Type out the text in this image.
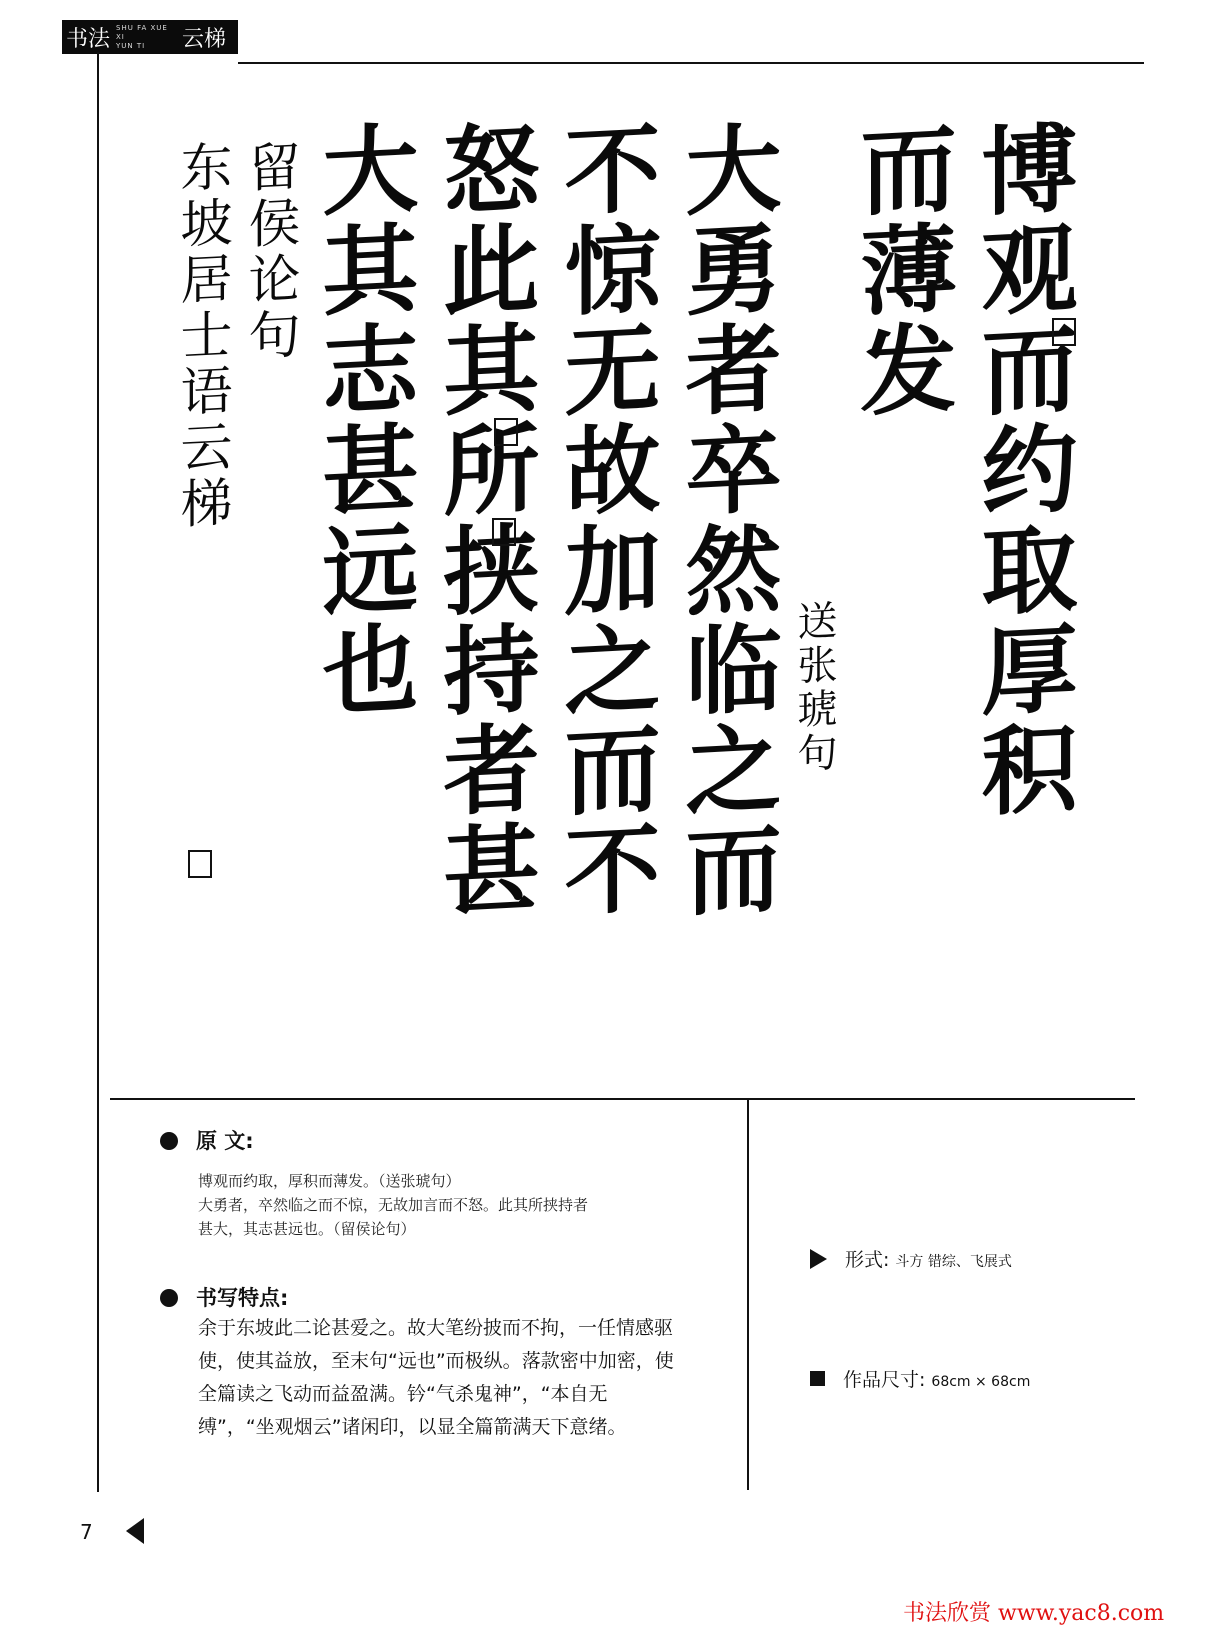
书法 SHU FA XUE XI
YUN TI	云梯
博观而约取厚积
而薄发
送张琥句
大勇者卒然临之而
不惊无故加之而不
怒此其所挟持者甚
大其志甚远也
留侯论句
东坡居士语云梯
原 文:
博观而约取，厚积而薄发。（送张琥句）
大勇者，卒然临之而不惊，无故加言而不怒。此其所挟持者
甚大，其志甚远也。（留侯论句）
书写特点:
余于东坡此二论甚爱之。故大笔纷披而不拘，一任情感驱使，使其益放，至末句“远也”而极纵。落款密中加密，使全篇读之飞动而益盈满。钤“气杀鬼神”，“本自无缚”，“坐观烟云”诸闲印，以显全篇箭满天下意绪。
形式: 斗方 错综、飞展式
作品尺寸: 68cm × 68cm
7
书法欣赏 www.yac8.com
